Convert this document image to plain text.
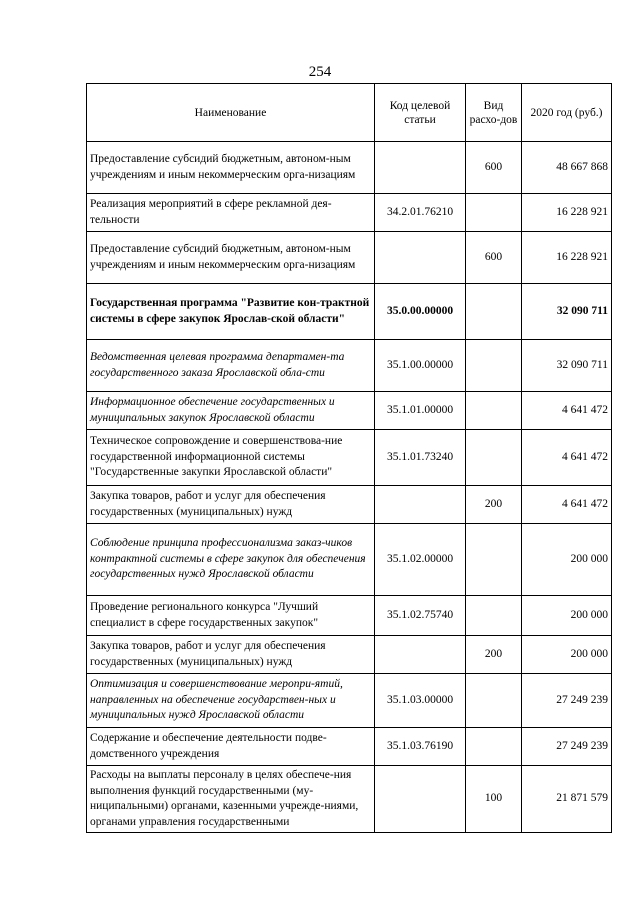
254
Наименование	Код целевой статьи	Вид расхо-дов	2020 год (руб.)
Предоставление субсидий бюджетным, автоном-ным учреждениям и иным некоммерческим орга-низациям		600	48 667 868
Реализация мероприятий в сфере рекламной дея-тельности	34.2.01.76210		16 228 921
Предоставление субсидий бюджетным, автоном-ным учреждениям и иным некоммерческим орга-низациям		600	16 228 921
Государственная программа "Развитие кон-трактной системы в сфере закупок Ярослав-ской области"	35.0.00.00000		32 090 711
Ведомственная целевая программа департамен-та государственного заказа Ярославской обла-сти	35.1.00.00000		32 090 711
Информационное обеспечение государственных и муниципальных закупок Ярославской области	35.1.01.00000		4 641 472
Техническое сопровождение и совершенствова-ние государственной информационной системы "Государственные закупки Ярославской области"	35.1.01.73240		4 641 472
Закупка товаров, работ и услуг для обеспечения государственных (муниципальных) нужд		200	4 641 472
Соблюдение принципа профессионализма заказ-чиков контрактной системы в сфере закупок для обеспечения государственных нужд Ярославской области	35.1.02.00000		200 000
Проведение регионального конкурса "Лучший специалист в сфере государственных закупок"	35.1.02.75740		200 000
Закупка товаров, работ и услуг для обеспечения государственных (муниципальных) нужд		200	200 000
Оптимизация и совершенствование меропри-ятий, направленных на обеспечение государствен-ных и муниципальных нужд Ярославской области	35.1.03.00000		27 249 239
Содержание и обеспечение деятельности подве-домственного учреждения	35.1.03.76190		27 249 239
Расходы на выплаты персоналу в целях обеспече-ния выполнения функций государственными (му-ниципальными) органами, казенными учрежде-ниями, органами управления государственными		100	21 871 579
